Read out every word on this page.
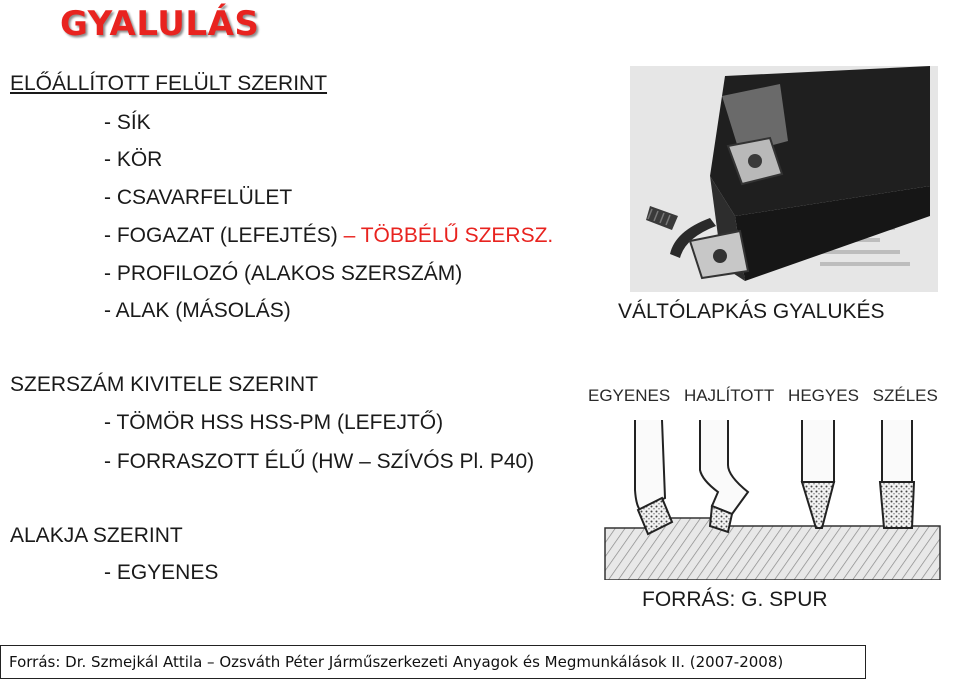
GYALULÁS
ELŐÁLLÍTOTT FELÜLT SZERINT
- SÍK
- KÖR
- CSAVARFELÜLET
- FOGAZAT (LEFEJTÉS) – TÖBBÉLŰ SZERSZ.
- PROFILOZÓ (ALAKOS SZERSZÁM)
- ALAK (MÁSOLÁS)	VÁLTÓLAPKÁS GYALUKÉS
SZERSZÁM KIVITELE SZERINT
- TÖMÖR HSS HSS-PM (LEFEJTŐ)
- FORRASZOTT ÉLŰ (HW – SZÍVÓS Pl. P40)
EGYENES HAJLÍTOTT HEGYES SZÉLES
FORRÁS: G. SPUR
ALAKJA SZERINT
- EGYENES
Forrás: Dr. Szmejkál Attila – Ozsváth Péter Járműszerkezeti Anyagok és Megmunkálások II. (2007-2008)
